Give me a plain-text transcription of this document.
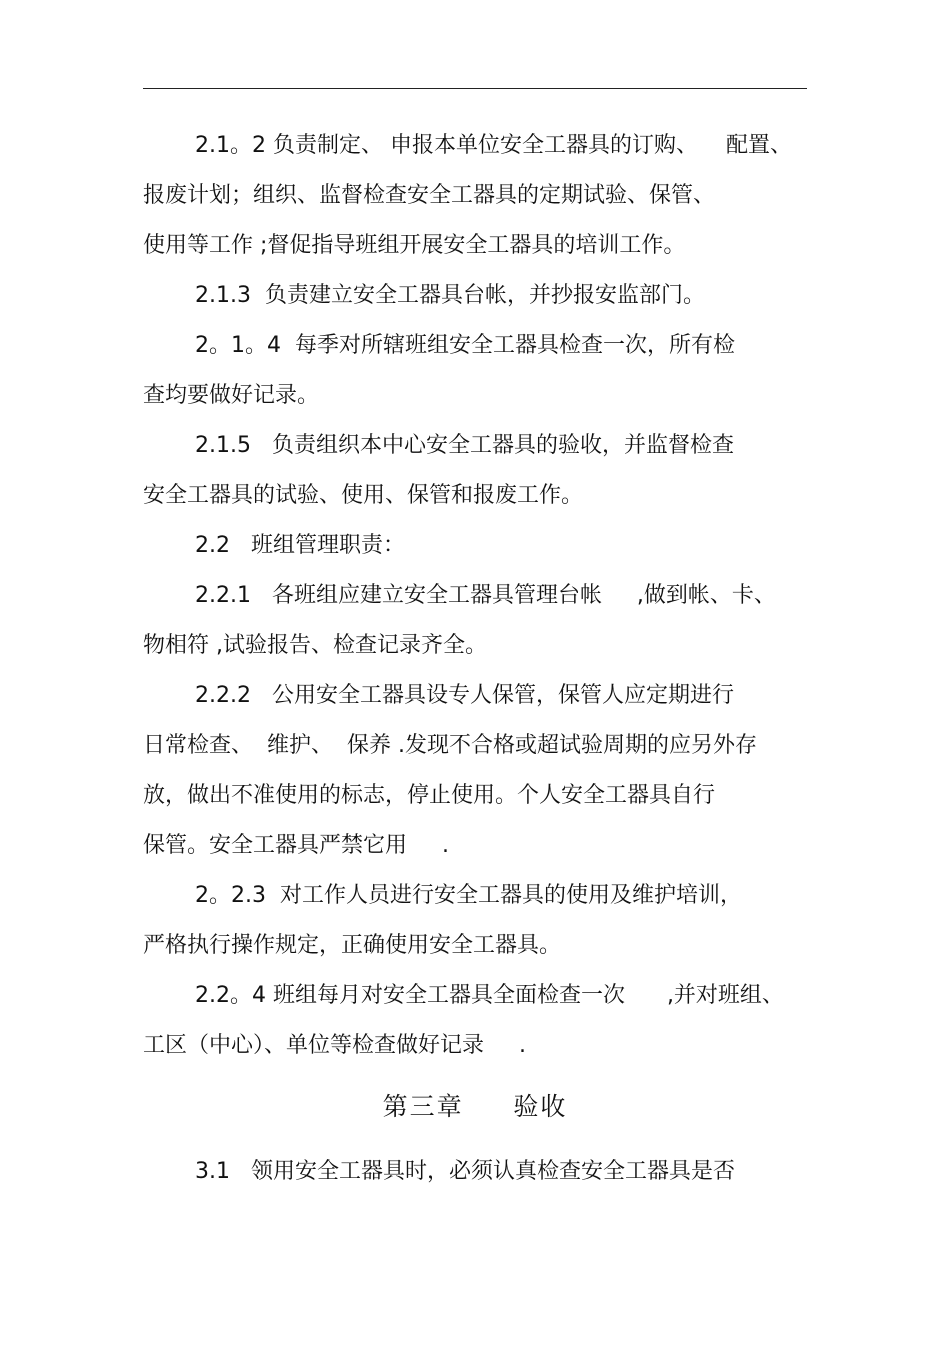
2.1。2 负责制定、 申报本单位安全工器具的订购、    配置、
报废计划；组织、监督检查安全工器具的定期试验、保管、
使用等工作 ;督促指导班组开展安全工器具的培训工作。
2.1.3  负责建立安全工器具台帐，并抄报安监部门。
2。1。4  每季对所辖班组安全工器具检查一次，所有检
查均要做好记录。
2.1.5   负责组织本中心安全工器具的验收，并监督检查
安全工器具的试验、使用、保管和报废工作。
2.2   班组管理职责：
2.2.1   各班组应建立安全工器具管理台帐     ,做到帐、卡、
物相符 ,试验报告、检查记录齐全。
2.2.2   公用安全工器具设专人保管，保管人应定期进行
日常检查、  维护、  保养 .发现不合格或超试验周期的应另外存
放，做出不准使用的标志，停止使用。个人安全工器具自行
保管。安全工器具严禁它用     .
2。2.3  对工作人员进行安全工器具的使用及维护培训，
严格执行操作规定，正确使用安全工器具。
2.2。4 班组每月对安全工器具全面检查一次      ,并对班组、
工区（中心）、单位等检查做好记录     .
第三章     验收
3.1   领用安全工器具时，必须认真检查安全工器具是否
